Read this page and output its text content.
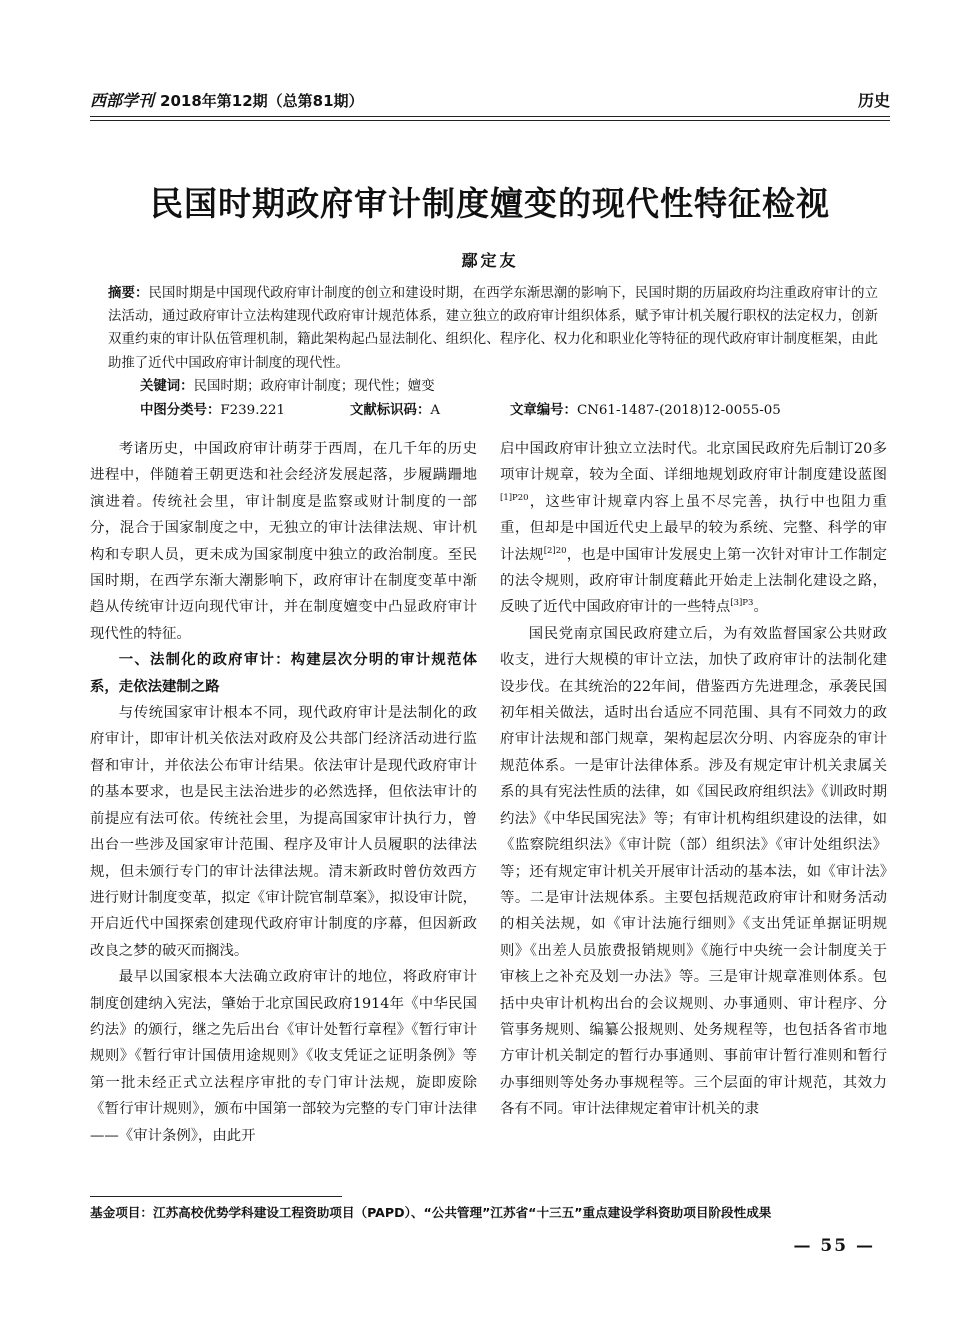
西部学刊 2018年第12期（总第81期）	历史
民国时期政府审计制度嬗变的现代性特征检视
鄢定友
摘要：民国时期是中国现代政府审计制度的创立和建设时期，在西学东渐思潮的影响下，民国时期的历届政府均注重政府审计的立法活动，通过政府审计立法构建现代政府审计规范体系，建立独立的政府审计组织体系，赋予审计机关履行职权的法定权力，创新双重约束的审计队伍管理机制，籍此架构起凸显法制化、组织化、程序化、权力化和职业化等特征的现代政府审计制度框架，由此助推了近代中国政府审计制度的现代性。
关键词：民国时期；政府审计制度；现代性；嬗变
中图分类号：F239.221	文献标识码：A	文章编号：CN61-1487-(2018)12-0055-05

考诸历史，中国政府审计萌芽于西周，在几千年的历史进程中，伴随着王朝更迭和社会经济发展起落，步履蹒跚地演进着。传统社会里，审计制度是监察或财计制度的一部分，混合于国家制度之中，无独立的审计法律法规、审计机构和专职人员，更未成为国家制度中独立的政治制度。至民国时期，在西学东渐大潮影响下，政府审计在制度变革中渐趋从传统审计迈向现代审计，并在制度嬗变中凸显政府审计现代性的特征。

一、法制化的政府审计：构建层次分明的审计规范体系，走依法建制之路

与传统国家审计根本不同，现代政府审计是法制化的政府审计，即审计机关依法对政府及公共部门经济活动进行监督和审计，并依法公布审计结果。依法审计是现代政府审计的基本要求，也是民主法治进步的必然选择，但依法审计的前提应有法可依。传统社会里，为提高国家审计执行力，曾出台一些涉及国家审计范围、程序及审计人员履职的法律法规，但未颁行专门的审计法律法规。清末新政时曾仿效西方进行财计制度变革，拟定《审计院官制草案》，拟设审计院，开启近代中国探索创建现代政府审计制度的序幕，但因新政改良之梦的破灭而搁浅。

最早以国家根本大法确立政府审计的地位，将政府审计制度创建纳入宪法，肇始于北京国民政府1914年《中华民国约法》的颁行，继之先后出台《审计处暂行章程》《暂行审计规则》《暂行审计国债用途规则》《收支凭证之证明条例》等第一批未经正式立法程序审批的专门审计法规，旋即废除《暂行审计规则》，颁布中国第一部较为完整的专门审计法律——《审计条例》，由此开

启中国政府审计独立立法时代。北京国民政府先后制订20多项审计规章，较为全面、详细地规划政府审计制度建设蓝图$^{[1]P20}$，这些审计规章内容上虽不尽完善，执行中也阻力重重，但却是中国近代史上最早的较为系统、完整、科学的审计法规$^{[2]20}$，也是中国审计发展史上第一次针对审计工作制定的法令规则，政府审计制度藉此开始走上法制化建设之路，反映了近代中国政府审计的一些特点$^{[3]P3}$。

国民党南京国民政府建立后，为有效监督国家公共财政收支，进行大规模的审计立法，加快了政府审计的法制化建设步伐。在其统治的22年间，借鉴西方先进理念，承袭民国初年相关做法，适时出台适应不同范围、具有不同效力的政府审计法规和部门规章，架构起层次分明、内容庞杂的审计规范体系。一是审计法律体系。涉及有规定审计机关隶属关系的具有宪法性质的法律，如《国民政府组织法》《训政时期约法》《中华民国宪法》等；有审计机构组织建设的法律，如《监察院组织法》《审计院（部）组织法》《审计处组织法》等；还有规定审计机关开展审计活动的基本法，如《审计法》等。二是审计法规体系。主要包括规范政府审计和财务活动的相关法规，如《审计法施行细则》《支出凭证单据证明规则》《出差人员旅费报销规则》《施行中央统一会计制度关于审核上之补充及划一办法》等。三是审计规章准则体系。包括中央审计机构出台的会议规则、办事通则、审计程序、分管事务规则、编纂公报规则、处务规程等，也包括各省市地方审计机关制定的暂行办事通则、事前审计暂行准则和暂行办事细则等处务办事规程等。三个层面的审计规范，其效力各有不同。审计法律规定着审计机关的隶

基金项目：江苏高校优势学科建设工程资助项目（PAPD）、“公共管理”江苏省“十三五”重点建设学科资助项目阶段性成果
— 55 —
